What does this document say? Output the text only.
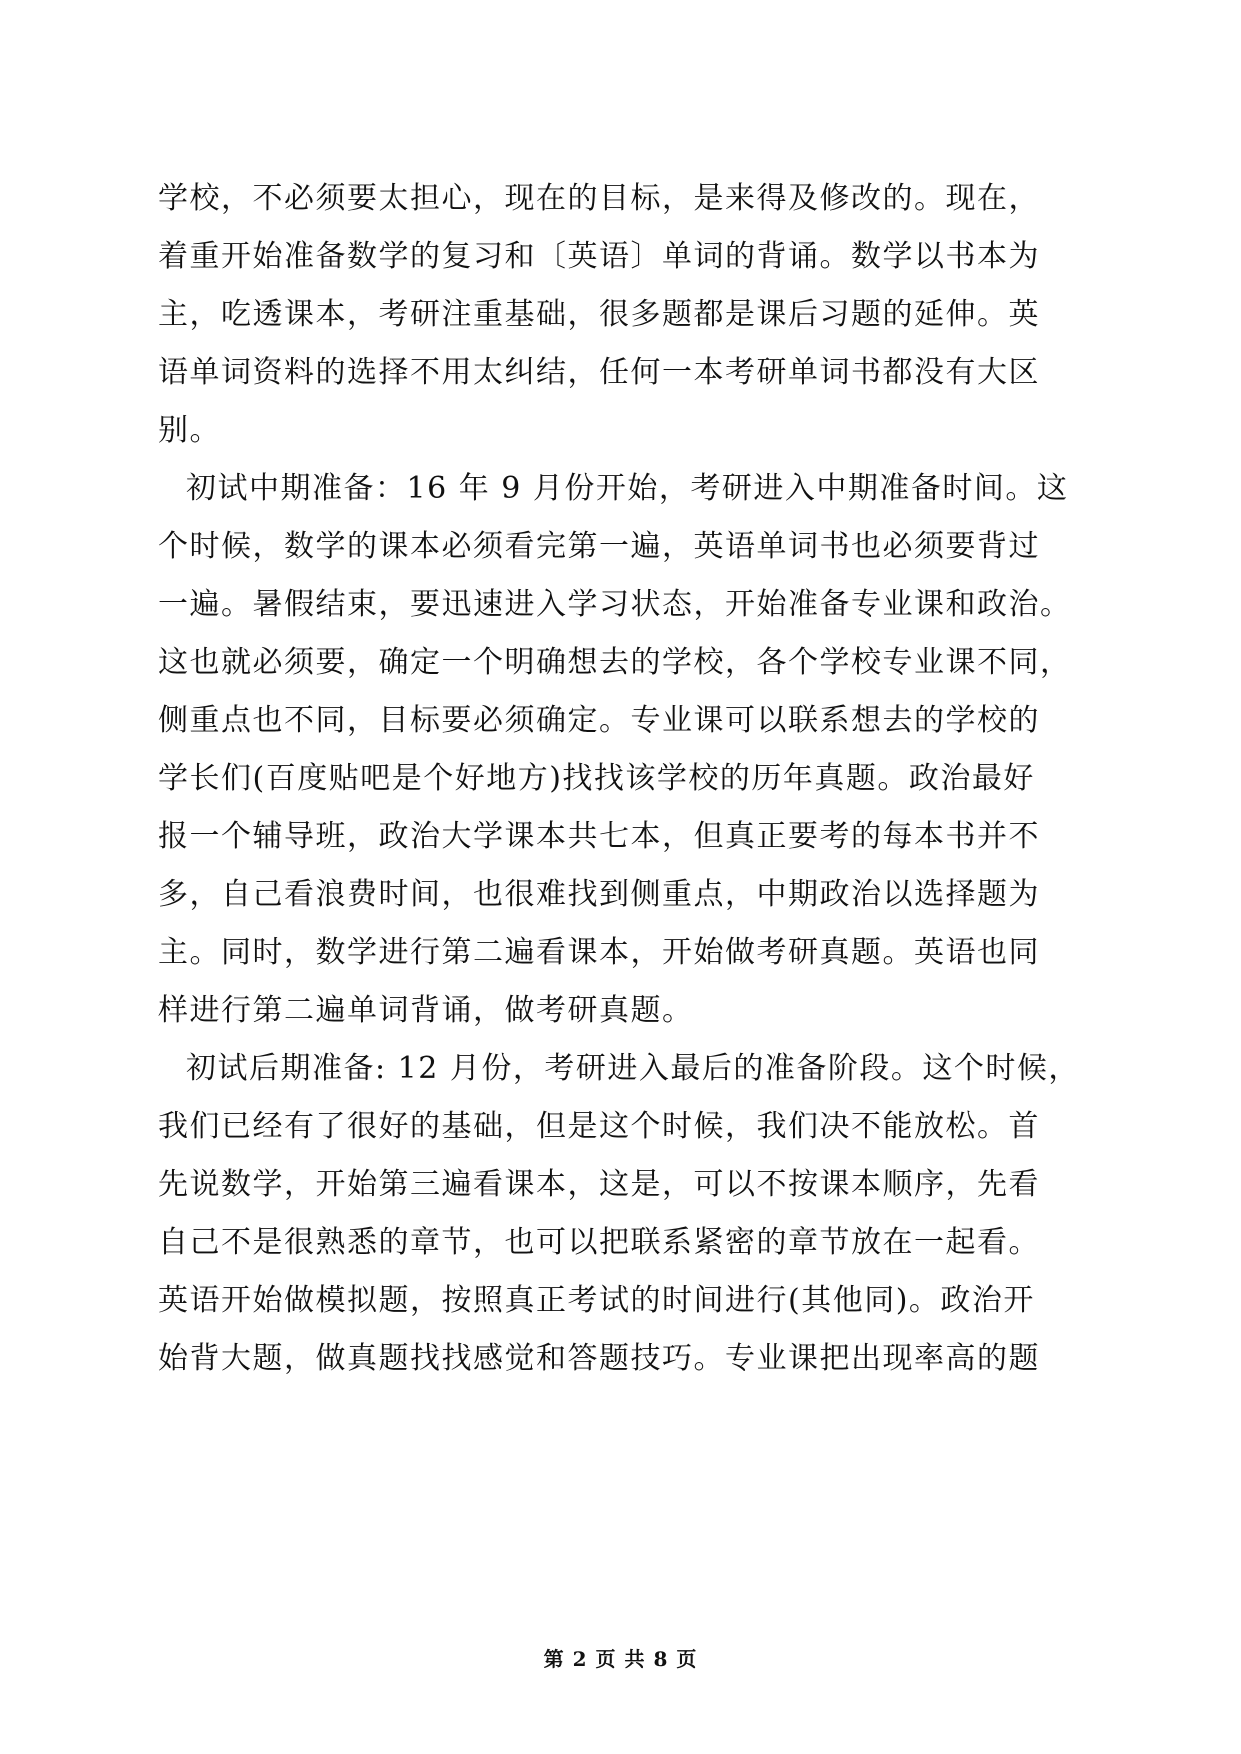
学校，不必须要太担心，现在的目标，是来得及修改的。现在，
着重开始准备数学的复习和〔英语〕单词的背诵。数学以书本为
主，吃透课本，考研注重基础，很多题都是课后习题的延伸。英
语单词资料的选择不用太纠结，任何一本考研单词书都没有大区
别。
初试中期准备：16 年 9 月份开始，考研进入中期准备时间。这
个时候，数学的课本必须看完第一遍，英语单词书也必须要背过
一遍。暑假结束，要迅速进入学习状态，开始准备专业课和政治。
这也就必须要，确定一个明确想去的学校，各个学校专业课不同，
侧重点也不同，目标要必须确定。专业课可以联系想去的学校的
学长们(百度贴吧是个好地方)找找该学校的历年真题。政治最好
报一个辅导班，政治大学课本共七本，但真正要考的每本书并不
多，自己看浪费时间，也很难找到侧重点，中期政治以选择题为
主。同时，数学进行第二遍看课本，开始做考研真题。英语也同
样进行第二遍单词背诵，做考研真题。
初试后期准备: 12 月份，考研进入最后的准备阶段。这个时候，
我们已经有了很好的基础，但是这个时候，我们决不能放松。首
先说数学，开始第三遍看课本，这是，可以不按课本顺序，先看
自己不是很熟悉的章节，也可以把联系紧密的章节放在一起看。
英语开始做模拟题，按照真正考试的时间进行(其他同)。政治开
始背大题，做真题找找感觉和答题技巧。专业课把出现率高的题
第 2 页 共 8 页
